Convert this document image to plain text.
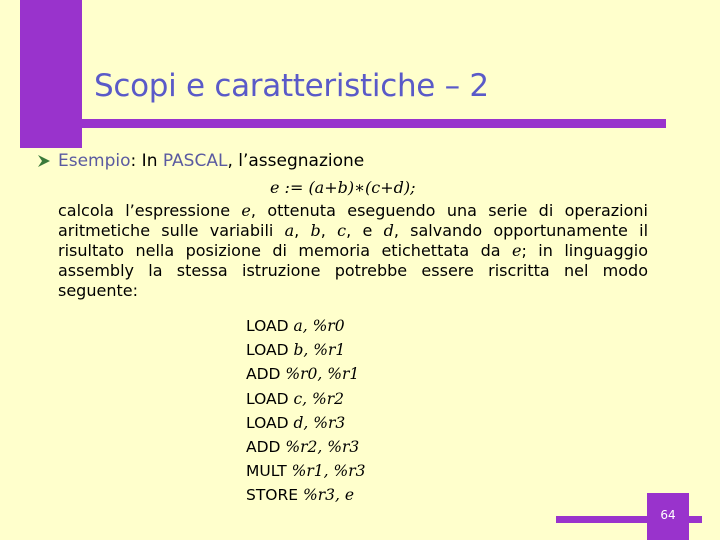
Scopi e caratteristiche – 2
Esempio: In PASCAL, l’assegnazione
e := (a+b)∗(c+d);
calcola l’espressione e, ottenuta eseguendo una serie di operazioni aritmetiche sulle variabili a, b, c, e d, salvando opportunamente il risultato nella posizione di memoria etichettata da e; in linguaggio assembly la stessa istruzione potrebbe essere riscritta nel modo seguente:
LOAD a, %r0
LOAD b, %r1
ADD %r0, %r1
LOAD c, %r2
LOAD d, %r3
ADD %r2, %r3
MULT %r1, %r3
STORE %r3, e
64
